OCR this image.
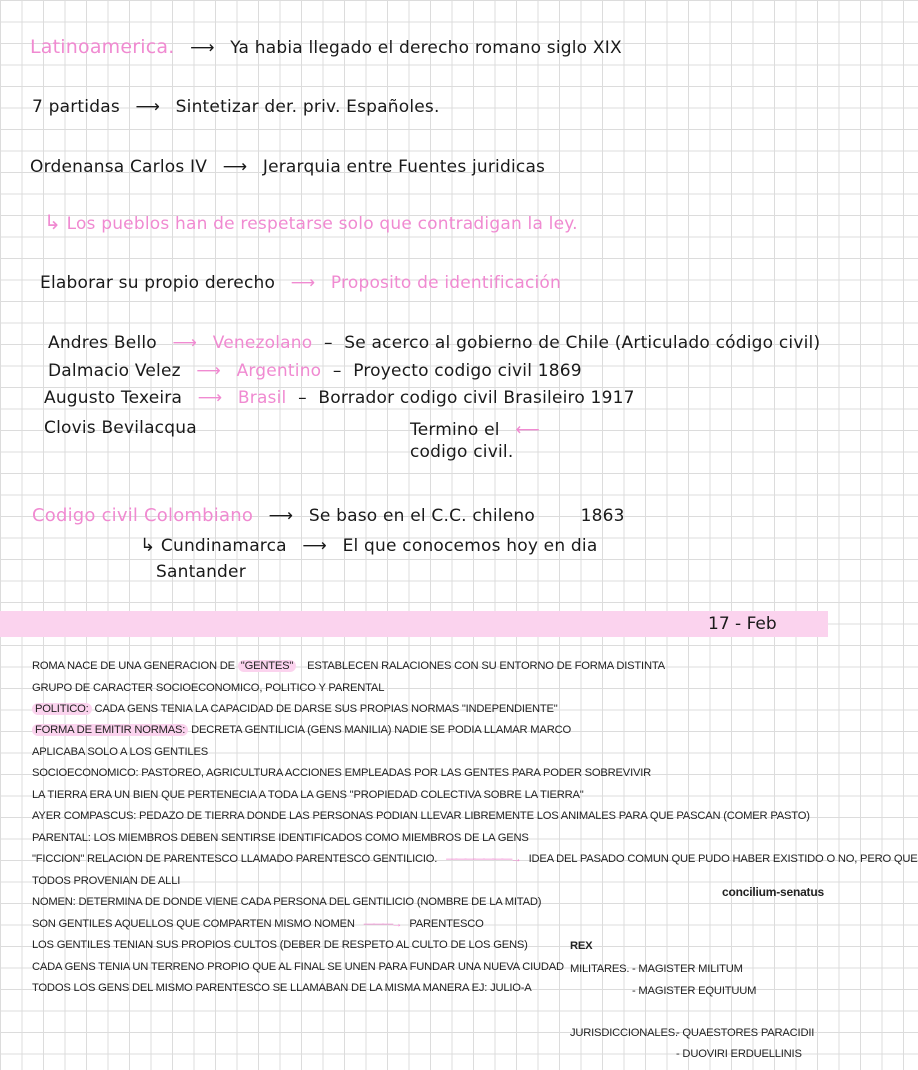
Latinoamerica. ⟶ Ya habia llegado el derecho romano siglo XIX
7 partidas ⟶ Sintetizar der. priv. Españoles.
Ordenansa Carlos IV ⟶ Jerarquia entre Fuentes juridicas
↳ Los pueblos han de respetarse solo que contradigan la ley.
Elaborar su propio derecho ⟶ Proposito de identificación
Andres Bello ⟶ Venezolano – Se acerco al gobierno de Chile (Articulado código civil)
Dalmacio Velez ⟶ Argentino – Proyecto codigo civil 1869
Augusto Texeira ⟶ Brasil – Borrador codigo civil Brasileiro 1917
Clovis Bevilacqua	Termino el ⟵
codigo civil.
Codigo civil Colombiano ⟶ Se baso en el C.C. chileno	1863
↳ Cundinamarca ⟶ El que conocemos hoy en dia
Santander
17 - Feb
ROMA NACE DE UNA GENERACION DE "GENTES" ESTABLECEN RALACIONES CON SU ENTORNO DE FORMA DISTINTA
GRUPO DE CARACTER SOCIOECONOMICO, POLITICO Y PARENTAL
POLITICO: CADA GENS TENIA LA CAPACIDAD DE DARSE SUS PROPIAS NORMAS "INDEPENDIENTE"
FORMA DE EMITIR NORMAS: DECRETA GENTILICIA (GENS MANILIA) NADIE SE PODIA LLAMAR MARCO
APLICABA SOLO A LOS GENTILES
SOCIOECONOMICO: PASTOREO, AGRICULTURA ACCIONES EMPLEADAS POR LAS GENTES PARA PODER SOBREVIVIR
LA TIERRA ERA UN BIEN QUE PERTENECIA A TODA LA GENS "PROPIEDAD COLECTIVA SOBRE LA TIERRA"
AYER COMPASCUS: PEDAZO DE TIERRA DONDE LAS PERSONAS PODIAN LLEVAR LIBREMENTE LOS ANIMALES PARA QUE PASCAN (COMER PASTO)
PARENTAL: LOS MIEMBROS DEBEN SENTIRSE IDENTIFICADOS COMO MIEMBROS DE LA GENS
"FICCION" RELACION DE PARENTESCO LLAMADO PARENTESCO GENTILICIO. ———————→ IDEA DEL PASADO COMUN QUE PUDO HABER EXISTIDO O NO, PERO QUE
TODOS PROVENIAN DE ALLI
concilium-senatus
NOMEN: DETERMINA DE DONDE VIENE CADA PERSONA DEL GENTILICIO (NOMBRE DE LA MITAD)
SON GENTILES AQUELLOS QUE COMPARTEN MISMO NOMEN ———→ PARENTESCO
LOS GENTILES TENIAN SUS PROPIOS CULTOS (DEBER DE RESPETO AL CULTO DE LOS GENS)
CADA GENS TENIA UN TERRENO PROPIO QUE AL FINAL SE UNEN PARA FUNDAR UNA NUEVA CIUDAD
TODOS LOS GENS DEL MISMO PARENTESCO SE LLAMABAN DE LA MISMA MANERA EJ: JULIO-A
REX
MILITARES. - MAGISTER MILITUM
- MAGISTER EQUITUUM
JURISDICCIONALES.
- QUAESTORES PARACIDII
- DUOVIRI ERDUELLINIS
